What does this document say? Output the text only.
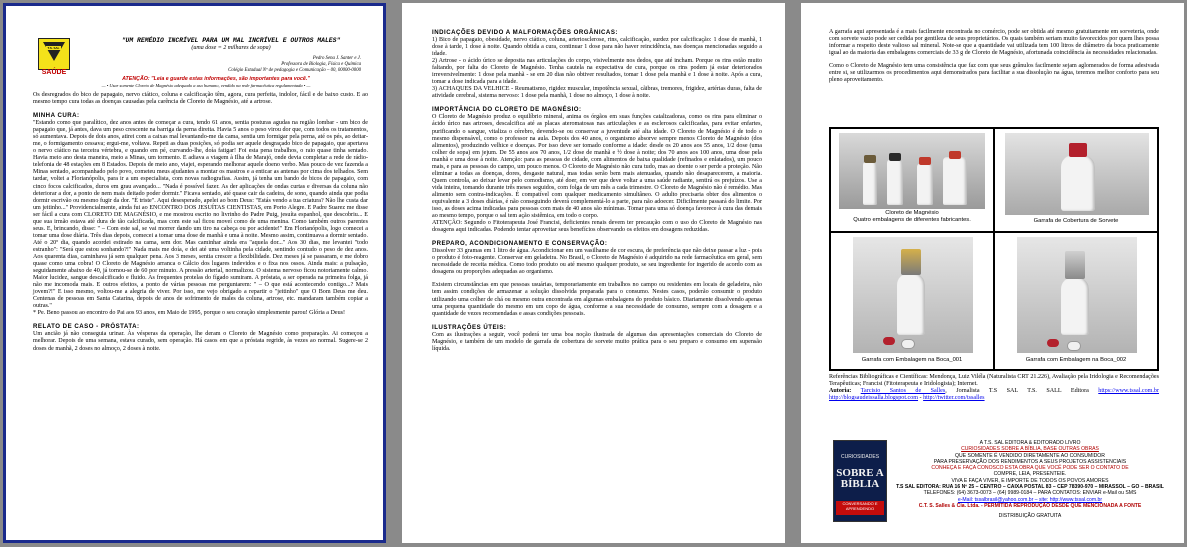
T.S. SAL
SAÚDE
"UM REMÉDIO INCRÍVEL PARA UM MAL INCRÍVEL E OUTROS MALES"
(uma dose = 2 milhares de sopa)
Pedro Sena J. Santer e J.
Professora de Biologia, Física e Química
Colégio Estadual Nº de pedagogia e Comunicação – 00, 00000-0000
ATENÇÃO: "Leia e guarde estas informações, são importantes para você."
— • Usar somente Cloreto de Magnésio adequado a uso humano, vendido na rede farmacêutica regulamentada • —

Os desregrados do bico de papagaio, nervo ciático, coluna e calcificação têm, agora, cura perfeita, indolor, fácil e de baixo custo. E ao mesmo tempo cura todas as doenças causadas pela carência de Cloreto de Magnésio, até a artrose.

MINHA CURA:

"Estando como que paralítico, dez anos antes de começar a cura, tendo 61 anos, sentia posturas agudas na região lombar - um bico de papagaio que, já antes, dava um peso crescente na barriga da perna direita. Havia 5 anos o peso virou dor que, com todos os tratamentos, só aumentava. Depois de dois anos, atirei com a caixas mal levantando-me da cama, sentia um formigar pela perna, até os pés, ao deitar-me, o formigamento cessava; ergui-me, voltava. Repeti as duas posições, só podia ser aquele desgraçado bico de papagaio, que apertava o nervo ciático na terceira vértebra, e quando em pé, curvando-lhe, doía fatigar! Foi esta pena trabalhos, o raio quase tinha sentado. Havia meio ano desta maneira, meio a Minas, um tormento. E adiava a viagem à Ilha de Marajó, onde devia completar a rede de rádio-telefonia de 48 estações em 8 Estados. Depois de meio ano, viajei, esperando melhorar aquele doeno verbo. Mas pouco de vez fazenda a Minas sentado, acompanhado pelo povo, cometeu meus ajudantes a montar os mastros e a enticar as antenas por cima dos telhados. Sem tardar, voltei a Florianópolis, para ir a um especialista, com novas radiografias. Assim, já tenha um bando de bicos de papagaio, com cinco focos calcificados, duros em grau avançado... "Nada é possível fazer. As der aplicações de ondas curtas e diversas da coluna não deteriorar a dor, a ponto de nem mais deitado poder dormir." Ficava sentado, até quase cair da cadeira, de sono, quando ainda que podia dormir escrivão ou mesmo fugir da dor. "É triste". Aqui desesperado, apelei ao bom Deus: "Estás vendo a tua criatura? Não lhe custa dar um jeitinho..." Providencialmente, ainda fui ao ENCONTRO DOS JESUÍTAS CIENTISTAS, em Porto Alegre. E Padre Suarez me disse ser fácil a cura com CLORETO DE MAGNÉSIO, e me mostrou escrito no livrinho do Padre Puig, jesuíta espanhol, que descobriu... E que sua irmão estava até dura de tão calcificada, mas com este sal ficou moveí como de uma menina. Como também outros parentes seus. E, brincando, disse: " – Com este sal, se vai morrer dando um tiro na cabeça ou por acidente!" Em Florianópolis, logo comecei a tomar uma dose diária. Três dias depois, comecei a tomar uma dose de manhã e uma à noite. Mesmo assim, continuava a dormir sentado. Até o 20º dia, quando acordei estirado na cama, sem dor. Mas caminhar ainda era "aquela dor..." Aos 30 dias, me levantei "todo estranho": "Será que estou sonhando?!" Nada mais me doía, e dei até uma voltinha pela cidade, sentindo contudo o peso de dez anos. Aos quarenta dias, caminhava já sem qualquer pena. Aos 3 meses, sentia crescer a flexibilidade. Dez meses já se passaram, e me dobro quase como uma cobra! O Cloreto de Magnésio arranca o Cálcio dos lugares indevidos e o fixa nos ossos. Ainda mais: a pulsação, seguidamente abaixo de 40, já tornou-se de 60 por minuto. A pressão arterial, normalizou. O sistema nervoso ficou notoriamente calmo. Maior lucidez, sangue descalcificado e fluido. As frequentes protelas do fígado sumiram. A próstata, a ser operada na primeira folga, já não me incomoda mais. E outros efeitos, a ponto de várias pessoas me perguntarem: " – O que está acontecendo contigo...? Mais jovem?!" E isso mesmo, voltou-me a alegria de viver. Por isso, me vejo obrigado a repartir o "jeitinho" que O Bom Deus me deu. Centenas de pessoas em Santa Catarina, depois de anos de sofrimento de males da coluna, artrose, etc. mandaram também copiar a outras."

* Pe. Beno passou ao encontro do Pai aos 93 anos, em Maio de 1995, porque o seu coração simplesmente parou! Glória a Deus!

RELATO DE CASO - PRÓSTATA:

Um ancião já não conseguia urinar. Às vésperas da operação, lhe deram o Cloreto de Magnésio como preparação. Ai começou a melhorar. Depois de uma semana, estava curado, sem operação. Há casos em que a próstata regride, às vezes ao normal. Sugere-se 2 doses de manhã, 2 doses no almoço, 2 doses à noite.

INDICAÇÕES DEVIDO A MALFORMAÇÕES ORGÂNICAS:

1) Bico de papagaio, obesidade, nervo ciático, coluna, arteriosclerose, rins, calcificação, surdez por calcificação: 1 dose de manhã, 1 dose à tarde, 1 dose à noite. Quando obtida a cura, continuar 1 dose para não haver reincidência, nas doenças mencionadas seguido a idade.
2) Artrose - o ácido úrico se deposita nas articulações do corpo, visivelmente nos dedos, que até incham. Porque os rins estão muito faltando, por falta do Cloreto de Magnésio. Tenha cautela na expectativa de cura, porque os rins podem já estar deteriorados irreversivelmente: 1 dose pela manhã - se em 20 dias não obtiver resultados, tomar 1 dose pela manhã e 1 dose à noite. Após a cura, tomar a dose indicada para a idade.
3) ACHAQUES DA VELHICE - Reumatismo, rigidez muscular, impotência sexual, cãibras, tremores, frigidez, artérias duras, falta de atividade cerebral, sistema nervoso: 1 dose pela manhã, 1 dose no almoço, 1 dose à noite.

IMPORTÂNCIA DO CLORETO DE MAGNÉSIO:

O Cloreto de Magnésio produz o equilíbrio mineral, anima os órgãos em suas funções catalizadoras, como os rins para eliminar o ácido úrico nas artroses, descalcifica até as placas ateromatosas nas articulações e as esclerosos calcificadas, para evitar enfartes, purificando o sangue, vitaliza o cérebro, devendo-se ou conservar a juventude até alta idade. O Cloreto de Magnésio é de todo o mesmo dispensável, como o professor na aula. Depois dos 40 anos, o organismo absorve sempre menos Cloreto de Magnésio (dos alimentos), produzindo velhice e doenças. Por isso deve ser tomado conforme a idade: desde os 20 anos aos 55 anos, 1/2 dose (uma colher de sopa) em jejum. De 55 anos aos 70 anos, 1/2 dose de manhã e ½ dose à noite; dos 70 anos aos 100 anos, uma dose pela manhã e uma dose à noite. Atenção: para as pessoas de cidade, com alimentos de baixa qualidade (refinados e enlatados), um pouco mais, e para as pessoas do campo, um pouco menos. O Cloreto de Magnésio não cura tudo, mas ao doente o ser perde a proteção. Não eliminar a todas as doenças, dores, desgaste natural, mas todas serão bem mais atenuadas, quando não desaparecerem, a maioria. Quem controla, ao deixar levar pelo comodismo, até doer, em ver que deve voltar a uma saúde radiante, sentirá os prejuízos. Use a vida inteira, tomando durante três meses seguidos, com folga de um mês a cada trimestre. O Cloreto de Magnésio não é remédio. Mas alimento sem contra-indicações. É compatível com qualquer medicamento simultâneo. O adulto precisaria obter dos alimentos o equivalente a 3 doses diárias, é não conseguindo deverá complementá-lo a parte, para não adoecer. Dificilmente passará do limite. Por isso, as doses acima indicadas para pessoas com mais de 40 anos são mínimas. Tomar para uma só doença favorece à cura das demais ao mesmo tempo, porque o sal tem ação sistêmica, em todo o corpo.
ATENÇÃO: Segundo o Fitoterapeuta José Francisi, deficientes renais devem ter precaução com o uso do Cloreto de Magnésio nas dosagens aqui indicadas. Podendo tentar aproveitar seus benefícios observando os efeitos em dosagens reduzidas.

PREPARO, ACONDICIONAMENTO E CONSERVAÇÃO:

Dissolver 33 gramas em 1 litro de água. Acondicionar em um vasilhame de cor escura, de preferência que não deixe passar a luz - pois o produto é foto-reagente. Conservar em geladeira. No Brasil, o Cloreto de Magnésio é adquirido na rede farmacêutica em geral, sem necessidade de receita médica. Como todo produto ou até mesmo qualquer produto, se seu ingrediente for ingerido de acordo com as dosagens ou proporções adequadas ao organismo.

Existem circunstâncias em que pessoas usuárias, temporariamente em trabalhos no campo ou residentes em locais de geladeira, não tem assim condições de armazenar a solução dissolvida preparada para o consumo. Nestes casos, poderão consumir o produto utilizando uma colher de chá ou mesmo outra encontrada em algumas embalagens do produto básico. Diariamente dissolvendo apenas uma pequena quantidade do mesmo em um copo de água, conforme a sua necessidade de consumo, sempre com a dosagem e a quantidade de vezes recomendadas e assas condições pessoais.

ILUSTRAÇÕES ÚTEIS:

Com as ilustrações a seguir, você poderá ter uma boa noção ilustrada de algumas das apresentações comerciais do Cloreto de Magnésio, e também de um modelo de garrafa de cobertura de sorvete muito prática para o seu preparo e consumo em supensão líquida.

A garrafa aqui apresentada é a mais facilmente encontrada no comércio, pode ser obtida até mesmo gratuitamente em sorveteria, onde com sorvete vazio pode ser cedida por gentileza de seus proprietários. Os quais também seriam muito favorecidos por quem lhes possa informar a respeito deste valioso sal mineral. Note-se que a quantidade vai utilizada tem 100 litros de diâmetro da boca praticamente igual ao da maioria das embalagens comerciais de 33 g de Cloreto de Magnésio, afortunada coincidência às necessidades relacionadas.

Como o Cloreto de Magnésio tem uma consistência que faz com que seus grânulos facilmente sejam aglomerados de forma adesivada entre si, se utilizarmos os procedimentos aqui demonstrados para facilitar a sua dissolução na água, teremos melhor conforto para seu pleno aproveitamento.

Cloreto de Magnésio
Quatro embalagens de diferentes fabricantes.	Garrafa de Cobertura de Sorvete
Garrafa com Embalagem na Boca_001	Garrafa com Embalagem na Boca_002

Referências Bibliográficas e Científicas: Mendonça, Luiz Viléla (Naturalista CRT 21.226), Avaliação pela Iridologia e Recomendações Terapêuticas; Francisi (Fitoterapeuta e Iridologista); Internet.

Autoria: Tarcisio Santos de Salles, Jornalista T.S SAL T.S. SALL Editora https://www.tssal.com.br http://blogsaudeissalla.blogspot.com - http://twitter.com/tssalles

CURIOSIDADES
SOBRE A BÍBLIA
CONVERSANDO E APRENDENDO
A T.S. SAL EDITORA & EDITORADO LIVRO
CURIOSIDADES SOBRE A BÍBLIA, BASE OUTRAS OBRAS
QUE SOMENTE É VENDIDO DIRETAMENTE AO CONSUMIDOR
PARA PRESERVAÇÃO DOS RENDIMENTOS A SEUS PROJETOS ASSISTENCIAIS
CONHEÇA E FAÇA CONOSCO ESTA OBRA QUE VOCÊ PODE SER O CONTATO DE
COMPRE, LEIA, PRESENTEIE.
VIVA E FAÇA VIVER, E IMPORTE DE TODOS OS POVOS AMORES
T.S SAL EDITORA: RUA 16 Nº 25 – CENTRO – CAIXA POSTAL 83 – CEP 78390-970 – MIRASSOL – GO – BRASIL
TELEFONES: (64) 3673-0073 – (64) 9989-0184 – PARA CONTATOS: ENVIAR e-Mail ou SMS
e-Mail: tssalbrasil@yahoo.com.br – site: http://www.tssal.com.br
C.T. S. Salles & Cia. Ltda. - PERMITIDA REPRODUÇÃO DESDE QUE MENCIONADA A FONTE
DISTRIBUIÇÃO GRATUITA
